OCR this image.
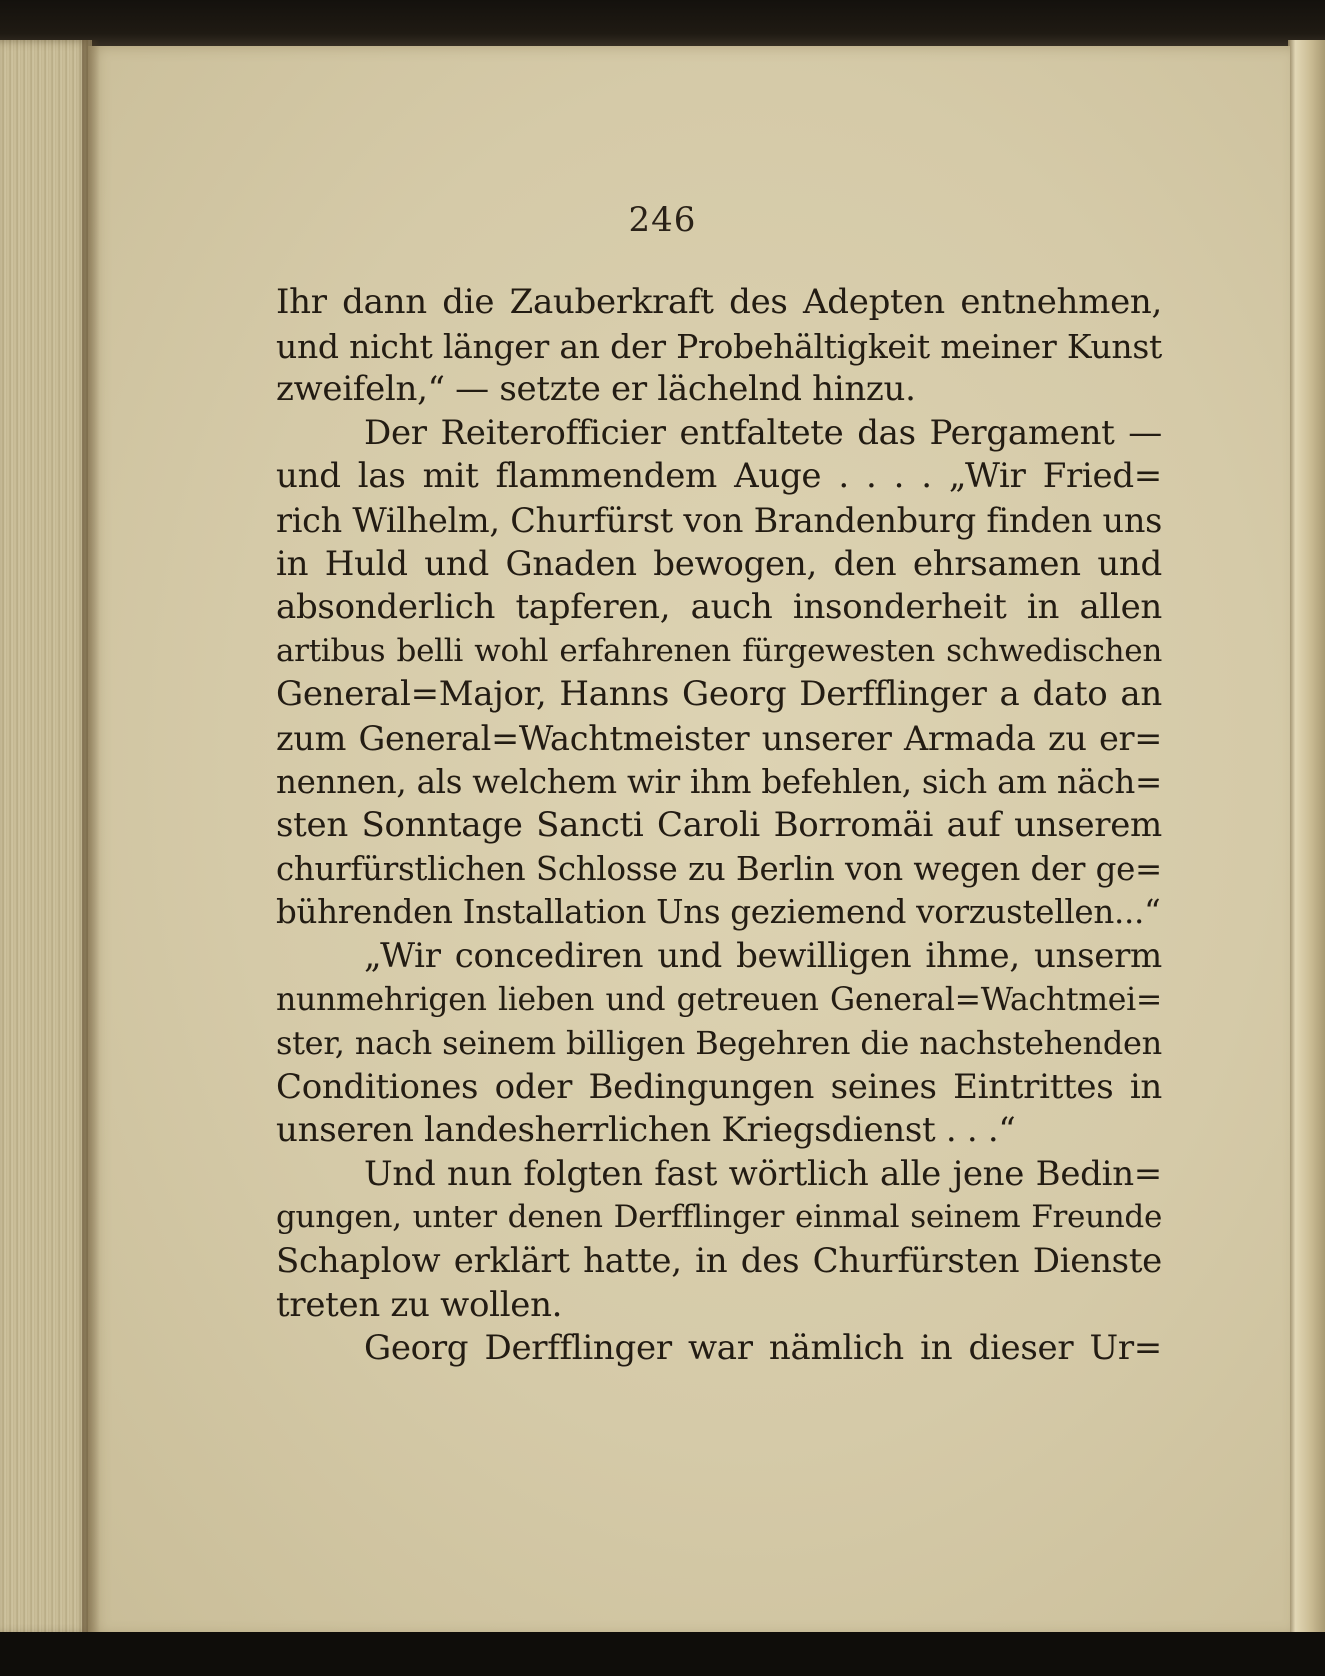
246

Ihr dann die Zauberkraft des Adepten entnehmen,
und nicht länger an der Probehältigkeit meiner Kunst
zweifeln,“ — setzte er lächelnd hinzu.
Der Reiterofficier entfaltete das Pergament —
und las mit flammendem Auge . . . . „Wir Fried=
rich Wilhelm, Churfürst von Brandenburg finden uns
in Huld und Gnaden bewogen, den ehrsamen und
absonderlich tapferen, auch insonderheit in allen
artibus belli wohl erfahrenen fürgewesten schwedischen
General=Major, Hanns Georg Derfflinger a dato an
zum General=Wachtmeister unserer Armada zu er=
nennen, als welchem wir ihm befehlen, sich am näch=
sten Sonntage Sancti Caroli Borromäi auf unserem
churfürstlichen Schlosse zu Berlin von wegen der ge=
bührenden Installation Uns geziemend vorzustellen...“
„Wir concediren und bewilligen ihme, unserm
nunmehrigen lieben und getreuen General=Wachtmei=
ster, nach seinem billigen Begehren die nachstehenden
Conditiones oder Bedingungen seines Eintrittes in
unseren landesherrlichen Kriegsdienst . . .“
Und nun folgten fast wörtlich alle jene Bedin=
gungen, unter denen Derfflinger einmal seinem Freunde
Schaplow erklärt hatte, in des Churfürsten Dienste
treten zu wollen.
Georg Derfflinger war nämlich in dieser Ur=
